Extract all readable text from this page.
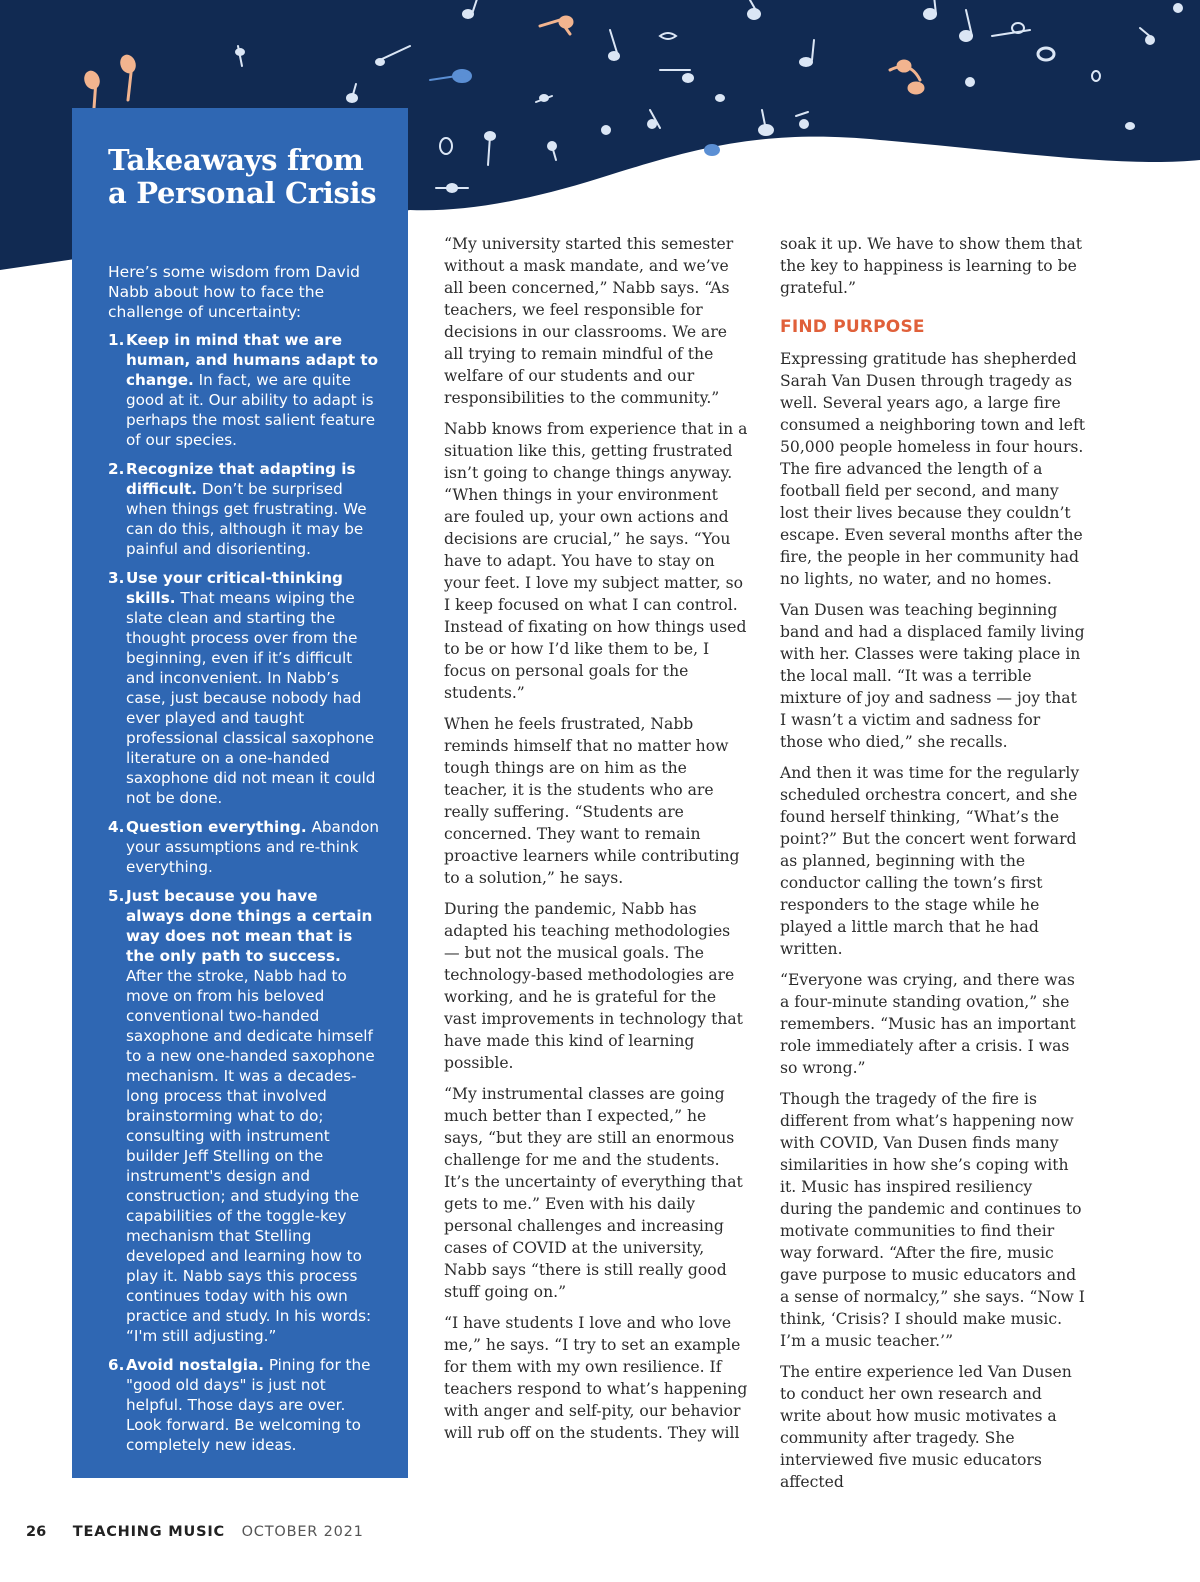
Takeaways from
a Personal Crisis

Here’s some wisdom from David Nabb about how to face the challenge of uncertainty:

1. Keep in mind that we are human, and humans adapt to change. In fact, we are quite good at it. Our ability to adapt is perhaps the most salient feature of our species.
2. Recognize that adapting is difficult. Don’t be surprised when things get frustrating. We can do this, although it may be painful and disorienting.
3. Use your critical-thinking skills. That means wiping the slate clean and starting the thought process over from the beginning, even if it’s difficult and inconvenient. In Nabb’s case, just because nobody had ever played and taught professional classical saxophone literature on a one-handed saxophone did not mean it could not be done.
4. Question everything. Abandon your assumptions and re-think everything.
5. Just because you have always done things a certain way does not mean that is the only path to success. After the stroke, Nabb had to move on from his beloved conventional two-handed saxophone and dedicate himself to a new one-handed saxophone mechanism. It was a decades-long process that involved brainstorming what to do; consulting with instrument builder Jeff Stelling on the instrument's design and construction; and studying the capabilities of the toggle-key mechanism that Stelling developed and learning how to play it. Nabb says this process continues today with his own practice and study. In his words: “I'm still adjusting.”
6. Avoid nostalgia. Pining for the "good old days" is just not helpful. Those days are over. Look forward. Be welcoming to completely new ideas.

“My university started this semester without a mask mandate, and we’ve all been concerned,” Nabb says. “As teachers, we feel responsible for decisions in our classrooms. We are all trying to remain mindful of the welfare of our students and our responsibilities to the community.”

Nabb knows from experience that in a situation like this, getting frustrated isn’t going to change things anyway. “When things in your environment are fouled up, your own actions and decisions are crucial,” he says. “You have to adapt. You have to stay on your feet. I love my subject matter, so I keep focused on what I can control. Instead of fixating on how things used to be or how I’d like them to be, I focus on personal goals for the students.”

When he feels frustrated, Nabb reminds himself that no matter how tough things are on him as the teacher, it is the students who are really suffering. “Students are concerned. They want to remain proactive learners while contributing to a solution,” he says.

During the pandemic, Nabb has adapted his teaching methodologies — but not the musical goals. The technology-based methodologies are working, and he is grateful for the vast improvements in technology that have made this kind of learning possible.

“My instrumental classes are going much better than I expected,” he says, “but they are still an enormous challenge for me and the students. It’s the uncertainty of everything that gets to me.” Even with his daily personal challenges and increasing cases of COVID at the university, Nabb says “there is still really good stuff going on.”

“I have students I love and who love me,” he says. “I try to set an example for them with my own resilience. If teachers respond to what’s happening with anger and self-pity, our behavior will rub off on the students. They will

soak it up. We have to show them that the key to happiness is learning to be grateful.”

FIND PURPOSE

Expressing gratitude has shepherded Sarah Van Dusen through tragedy as well. Several years ago, a large fire consumed a neighboring town and left 50,000 people homeless in four hours. The fire advanced the length of a football field per second, and many lost their lives because they couldn’t escape. Even several months after the fire, the people in her community had no lights, no water, and no homes.

Van Dusen was teaching beginning band and had a displaced family living with her. Classes were taking place in the local mall. “It was a terrible mixture of joy and sadness — joy that I wasn’t a victim and sadness for those who died,” she recalls.

And then it was time for the regularly scheduled orchestra concert, and she found herself thinking, “What’s the point?” But the concert went forward as planned, beginning with the conductor calling the town’s first responders to the stage while he played a little march that he had written.

“Everyone was crying, and there was a four-minute standing ovation,” she remembers. “Music has an important role immediately after a crisis. I was so wrong.”

Though the tragedy of the fire is different from what’s happening now with COVID, Van Dusen finds many similarities in how she’s coping with it. Music has inspired resiliency during the pandemic and continues to motivate communities to find their way forward. “After the fire, music gave purpose to music educators and a sense of normalcy,” she says. “Now I think, ‘Crisis? I should make music. I’m a music teacher.’”

The entire experience led Van Dusen to conduct her own research and write about how music motivates a community after tragedy. She interviewed five music educators affected

26 TEACHING MUSIC OCTOBER 2021
